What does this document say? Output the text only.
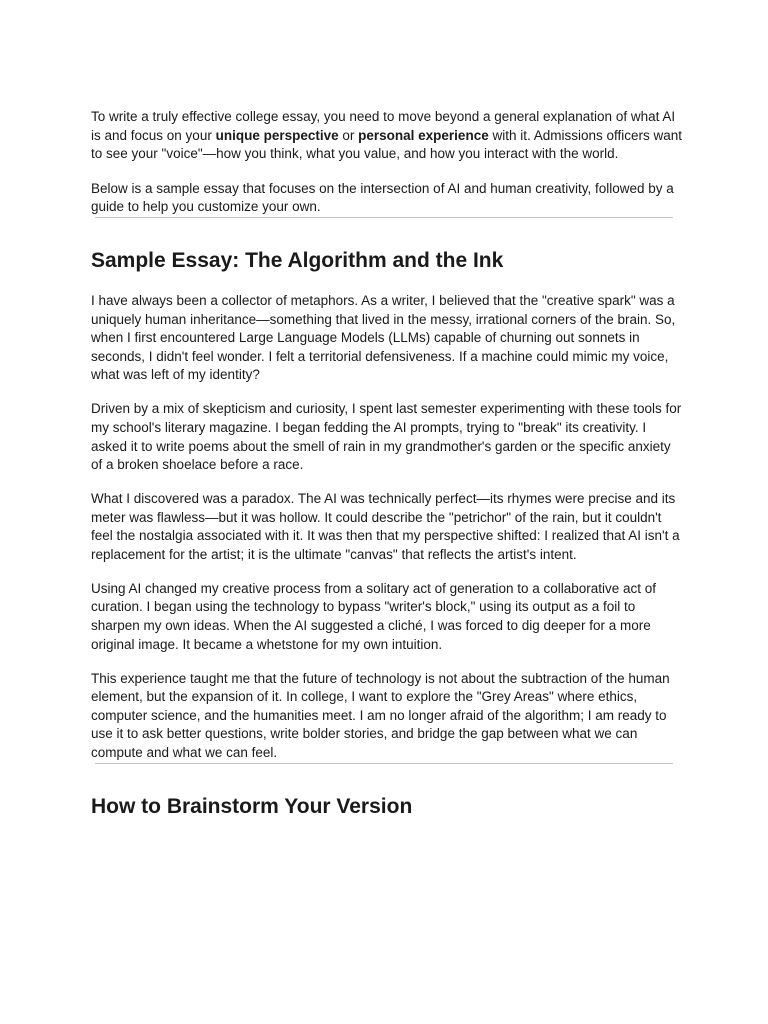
To write a truly effective college essay, you need to move beyond a general explanation of what AI is and focus on your unique perspective or personal experience with it. Admissions officers want to see your "voice"—how you think, what you value, and how you interact with the world.

Below is a sample essay that focuses on the intersection of AI and human creativity, followed by a guide to help you customize your own.

Sample Essay: The Algorithm and the Ink

I have always been a collector of metaphors. As a writer, I believed that the "creative spark" was a uniquely human inheritance—something that lived in the messy, irrational corners of the brain. So, when I first encountered Large Language Models (LLMs) capable of churning out sonnets in seconds, I didn't feel wonder. I felt a territorial defensiveness. If a machine could mimic my voice, what was left of my identity?

Driven by a mix of skepticism and curiosity, I spent last semester experimenting with these tools for my school's literary magazine. I began fedding the AI prompts, trying to "break" its creativity. I asked it to write poems about the smell of rain in my grandmother's garden or the specific anxiety of a broken shoelace before a race.

What I discovered was a paradox. The AI was technically perfect—its rhymes were precise and its meter was flawless—but it was hollow. It could describe the "petrichor" of the rain, but it couldn't feel the nostalgia associated with it. It was then that my perspective shifted: I realized that AI isn't a replacement for the artist; it is the ultimate "canvas" that reflects the artist's intent.

Using AI changed my creative process from a solitary act of generation to a collaborative act of curation. I began using the technology to bypass "writer's block," using its output as a foil to sharpen my own ideas. When the AI suggested a cliché, I was forced to dig deeper for a more original image. It became a whetstone for my own intuition.

This experience taught me that the future of technology is not about the subtraction of the human element, but the expansion of it. In college, I want to explore the "Grey Areas" where ethics, computer science, and the humanities meet. I am no longer afraid of the algorithm; I am ready to use it to ask better questions, write bolder stories, and bridge the gap between what we can compute and what we can feel.

How to Brainstorm Your Version
